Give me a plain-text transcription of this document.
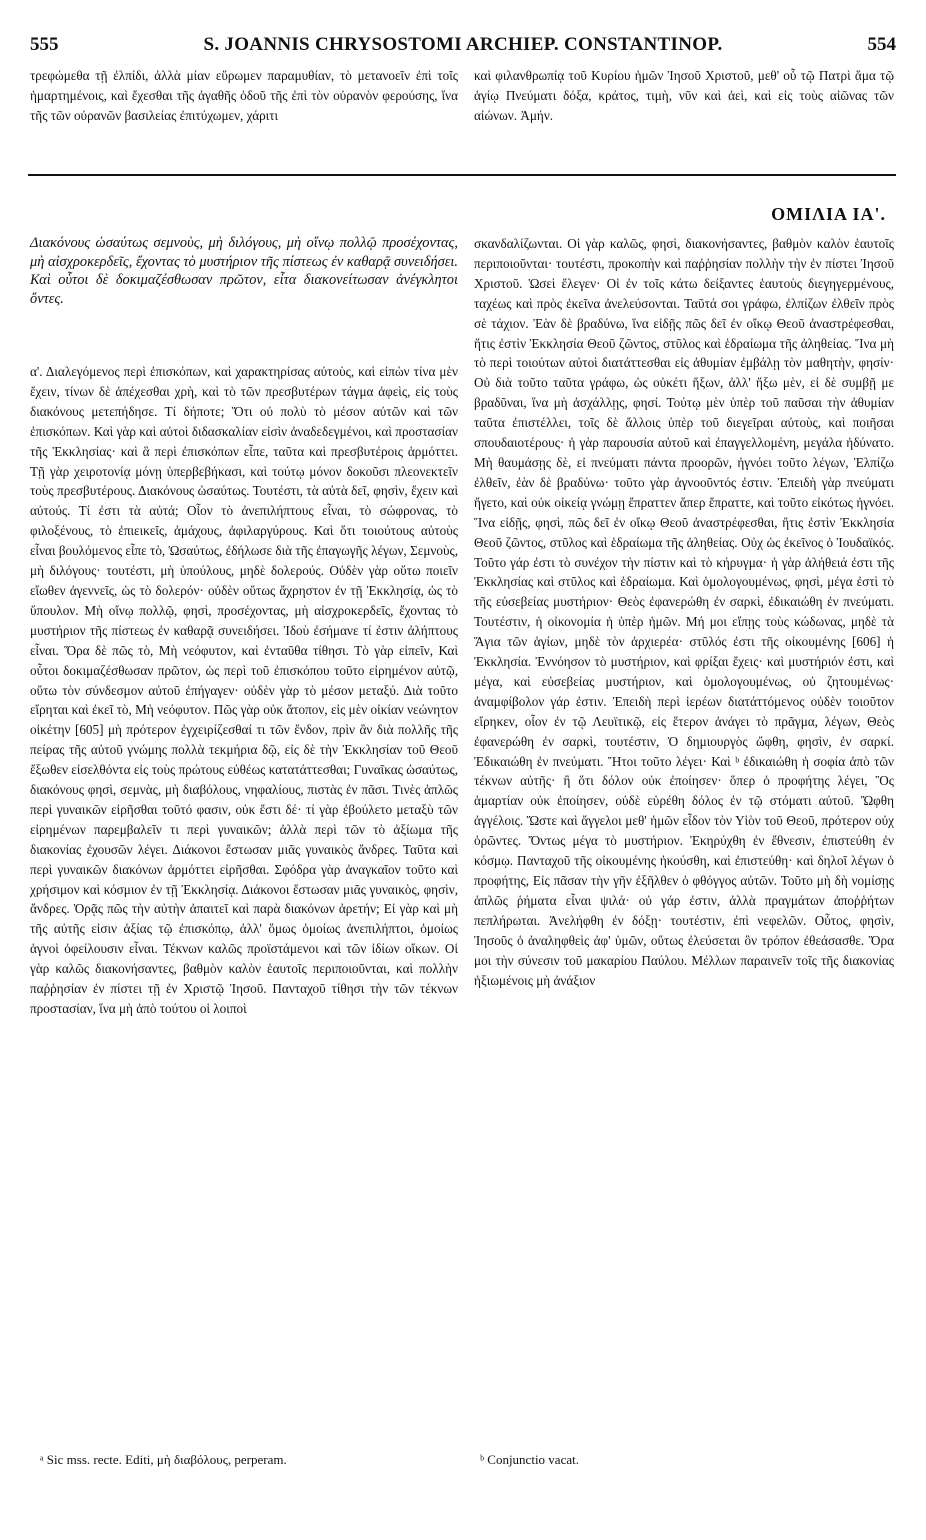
555	S. JOANNIS CHRYSOSTOMI ARCHIEP. CONSTANTINOP.	554

τρεφώμεθα τῇ ἐλπίδι, ἀλλὰ μίαν εὕρωμεν παραμυθίαν, τὸ μετανοεῖν ἐπὶ τοῖς ἡμαρτημένοις, καὶ ἔχεσθαι τῆς ἀγαθῆς ὁδοῦ τῆς ἐπὶ τὸν οὐρανὸν φερούσης, ἵνα τῆς τῶν οὐρανῶν βασιλείας ἐπιτύχωμεν, χάριτι

καὶ φιλανθρωπίᾳ τοῦ Κυρίου ἡμῶν Ἰησοῦ Χριστοῦ, μεθ' οὗ τῷ Πατρὶ ἅμα τῷ ἁγίῳ Πνεύματι δόξα, κράτος, τιμὴ, νῦν καὶ ἀεὶ, καὶ εἰς τοὺς αἰῶνας τῶν αἰώνων. Ἀμήν.

ΟΜΙΛΙΑ ΙΑ'.
Διακόνους ὡσαύτως σεμνοὺς, μὴ διλόγους, μὴ οἴνῳ πολλῷ προσέχοντας, μὴ αἰσχροκερδεῖς, ἔχοντας τὸ μυστήριον τῆς πίστεως ἐν καθαρᾷ συνειδήσει. Καὶ οὗτοι δὲ δοκιμαζέσθωσαν πρῶτον, εἶτα διακονείτωσαν ἀνέγκλητοι ὄντες.

α'. Διαλεγόμενος περὶ ἐπισκόπων, καὶ χαρακτηρίσας αὐτοὺς, καὶ εἰπὼν τίνα μὲν ἔχειν, τίνων δὲ ἀπέχεσθαι χρὴ, καὶ τὸ τῶν πρεσβυτέρων τάγμα ἀφεὶς, εἰς τοὺς διακόνους μετεπήδησε. Τί δήποτε; Ὅτι οὐ πολὺ τὸ μέσον αὐτῶν καὶ τῶν ἐπισκόπων. Καὶ γὰρ καὶ αὐτοὶ διδασκαλίαν εἰσὶν ἀναδεδεγμένοι, καὶ προστασίαν τῆς Ἐκκλησίας· καὶ ἃ περὶ ἐπισκόπων εἶπε, ταῦτα καὶ πρεσβυτέροις ἁρμόττει. Τῇ γὰρ χειροτονίᾳ μόνῃ ὑπερβεβήκασι, καὶ τούτῳ μόνον δοκοῦσι πλεονεκτεῖν τοὺς πρεσβυτέρους. Διακόνους ὡσαύτως. Τουτέστι, τὰ αὐτὰ δεῖ, φησὶν, ἔχειν καὶ αὐτούς. Τί ἐστι τὰ αὐτά; Οἷον τὸ ἀνεπιλήπτους εἶναι, τὸ σώφρονας, τὸ φιλοξένους, τὸ ἐπιεικεῖς, ἀμάχους, ἀφιλαργύρους. Καὶ ὅτι τοιούτους αὐτοὺς εἶναι βουλόμενος εἶπε τὸ, Ὡσαύτως, ἐδήλωσε διὰ τῆς ἐπαγωγῆς λέγων, Σεμνοὺς, μὴ διλόγους· τουτέστι, μὴ ὑπούλους, μηδὲ δολερούς. Οὐδὲν γὰρ οὕτω ποιεῖν εἴωθεν ἀγεννεῖς, ὡς τὸ δολερόν· οὐδὲν οὕτως ἄχρηστον ἐν τῇ Ἐκκλησίᾳ, ὡς τὸ ὕπουλον. Μὴ οἴνῳ πολλῷ, φησὶ, προσέχοντας, μὴ αἰσχροκερδεῖς, ἔχοντας τὸ μυστήριον τῆς πίστεως ἐν καθαρᾷ συνειδήσει. Ἰδοὺ ἐσήμανε τί ἐστιν ἀλήπτους εἶναι. Ὅρα δὲ πῶς τὸ, Μὴ νεόφυτον, καὶ ἐνταῦθα τίθησι. Τὸ γὰρ εἰπεῖν, Καὶ οὗτοι δοκιμαζέσθωσαν πρῶτον, ὡς περὶ τοῦ ἐπισκόπου τοῦτο εἰρημένον αὐτῷ, οὕτω τὸν σύνδεσμον αὐτοῦ ἐπήγαγεν· οὐδὲν γὰρ τὸ μέσον μεταξύ. Διὰ τοῦτο εἴρηται καὶ ἐκεῖ τὸ, Μὴ νεόφυτον. Πῶς γὰρ οὐκ ἄτοπον, εἰς μὲν οἰκίαν νεώνητον οἰκέτην [605] μὴ πρότερον ἐγχειρίζεσθαί τι τῶν ἔνδον, πρὶν ἂν διὰ πολλῆς τῆς πείρας τῆς αὐτοῦ γνώμης πολλὰ τεκμήρια δῷ, εἰς δὲ τὴν Ἐκκλησίαν τοῦ Θεοῦ ἔξωθεν εἰσελθόντα εἰς τοὺς πρώτους εὐθέως κατατάττεσθαι; Γυναῖκας ὡσαύτως, διακόνους φησὶ, σεμνὰς, μὴ διαβόλους, νηφαλίους, πιστὰς ἐν πᾶσι. Τινὲς ἁπλῶς περὶ γυναικῶν εἰρῆσθαι τοῦτό φασιν, οὐκ ἔστι δέ· τί γὰρ ἐβούλετο μεταξὺ τῶν εἰρημένων παρεμβαλεῖν τι περὶ γυναικῶν; ἀλλὰ περὶ τῶν τὸ ἀξίωμα τῆς διακονίας ἐχουσῶν λέγει. Διάκονοι ἔστωσαν μιᾶς γυναικὸς ἄνδρες. Ταῦτα καὶ περὶ γυναικῶν διακόνων ἁρμόττει εἰρῆσθαι. Σφόδρα γὰρ ἀναγκαῖον τοῦτο καὶ χρήσιμον καὶ κόσμιον ἐν τῇ Ἐκκλησίᾳ. Διάκονοι ἔστωσαν μιᾶς γυναικὸς, φησὶν, ἄνδρες. Ὁρᾷς πῶς τὴν αὐτὴν ἀπαιτεῖ καὶ παρὰ διακόνων ἀρετήν; Εἰ γὰρ καὶ μὴ τῆς αὐτῆς εἰσιν ἀξίας τῷ ἐπισκόπῳ, ἀλλ' ὅμως ὁμοίως ἀνεπιλήπτοι, ὁμοίως ἁγνοὶ ὀφείλουσιν εἶναι. Τέκνων καλῶς προϊστάμενοι καὶ τῶν ἰδίων οἴκων. Οἱ γὰρ καλῶς διακονήσαντες, βαθμὸν καλὸν ἑαυτοῖς περιποιοῦνται, καὶ πολλὴν παῤῥησίαν ἐν πίστει τῇ ἐν Χριστῷ Ἰησοῦ. Πανταχοῦ τίθησι τὴν τῶν τέκνων προστασίαν, ἵνα μὴ ἀπὸ τούτου οἱ λοιποὶ

σκανδαλίζωνται. Οἱ γὰρ καλῶς, φησὶ, διακονήσαντες, βαθμὸν καλὸν ἑαυτοῖς περιποιοῦνται· τουτέστι, προκοπὴν καὶ παῤῥησίαν πολλὴν τὴν ἐν πίστει Ἰησοῦ Χριστοῦ. Ὡσεὶ ἔλεγεν· Οἱ ἐν τοῖς κάτω δείξαντες ἑαυτοὺς διεγηγερμένους, ταχέως καὶ πρὸς ἐκεῖνα ἀνελεύσονται. Ταῦτά σοι γράφω, ἐλπίζων ἐλθεῖν πρὸς σὲ τάχιον. Ἐὰν δὲ βραδύνω, ἵνα εἰδῇς πῶς δεῖ ἐν οἴκῳ Θεοῦ ἀναστρέφεσθαι, ἥτις ἐστὶν Ἐκκλησία Θεοῦ ζῶντος, στῦλος καὶ ἑδραίωμα τῆς ἀληθείας. Ἵνα μὴ τὸ περὶ τοιούτων αὐτοὶ διατάττεσθαι εἰς ἀθυμίαν ἐμβάλῃ τὸν μαθητὴν, φησίν· Οὐ διὰ τοῦτο ταῦτα γράφω, ὡς οὐκέτι ἥξων, ἀλλ' ἥξω μὲν, εἰ δὲ συμβῇ με βραδῦναι, ἵνα μὴ ἀσχάλλῃς, φησί. Τούτῳ μὲν ὑπὲρ τοῦ παῦσαι τὴν ἀθυμίαν ταῦτα ἐπιστέλλει, τοῖς δὲ ἄλλοις ὑπὲρ τοῦ διεγεῖραι αὐτοὺς, καὶ ποιῆσαι σπουδαιοτέρους· ἡ γὰρ παρουσία αὐτοῦ καὶ ἐπαγγελλομένη, μεγάλα ἠδύνατο. Μὴ θαυμάσῃς δὲ, εἰ πνεύματι πάντα προορῶν, ἠγνόει τοῦτο λέγων, Ἐλπίζω ἐλθεῖν, ἐὰν δὲ βραδύνω· τοῦτο γὰρ ἀγνοοῦντός ἐστιν. Ἐπειδὴ γὰρ πνεύματι ἤγετο, καὶ οὐκ οἰκείᾳ γνώμῃ ἔπραττεν ἅπερ ἔπραττε, καὶ τοῦτο εἰκότως ἠγνόει. Ἵνα εἰδῇς, φησὶ, πῶς δεῖ ἐν οἴκῳ Θεοῦ ἀναστρέφεσθαι, ἥτις ἐστὶν Ἐκκλησία Θεοῦ ζῶντος, στῦλος καὶ ἑδραίωμα τῆς ἀληθείας. Οὐχ ὡς ἐκεῖνος ὁ Ἰουδαϊκός. Τοῦτο γάρ ἐστι τὸ συνέχον τὴν πίστιν καὶ τὸ κήρυγμα· ἡ γὰρ ἀλήθειά ἐστι τῆς Ἐκκλησίας καὶ στῦλος καὶ ἑδραίωμα. Καὶ ὁμολογουμένως, φησὶ, μέγα ἐστὶ τὸ τῆς εὐσεβείας μυστήριον· Θεὸς ἐφανερώθη ἐν σαρκὶ, ἐδικαιώθη ἐν πνεύματι. Τουτέστιν, ἡ οἰκονομία ἡ ὑπὲρ ἡμῶν. Μή μοι εἴπῃς τοὺς κώδωνας, μηδὲ τὰ Ἅγια τῶν ἁγίων, μηδὲ τὸν ἀρχιερέα· στῦλός ἐστι τῆς οἰκουμένης [606] ἡ Ἐκκλησία. Ἐννόησον τὸ μυστήριον, καὶ φρίξαι ἔχεις· καὶ μυστήριόν ἐστι, καὶ μέγα, καὶ εὐσεβείας μυστήριον, καὶ ὁμολογουμένως, οὐ ζητουμένως· ἀναμφίβολον γάρ ἐστιν. Ἐπειδὴ περὶ ἱερέων διατάττόμενος οὐδὲν τοιοῦτον εἴρηκεν, οἷον ἐν τῷ Λευϊτικῷ, εἰς ἕτερον ἀνάγει τὸ πρᾶγμα, λέγων, Θεὸς ἐφανερώθη ἐν σαρκὶ, τουτέστιν, Ὁ δημιουργὸς ὤφθη, φησὶν, ἐν σαρκί. Ἐδικαιώθη ἐν πνεύματι. Ἤτοι τοῦτο λέγει· Καὶ ᵇ ἐδικαιώθη ἡ σοφία ἀπὸ τῶν τέκνων αὐτῆς· ἢ ὅτι δόλον οὐκ ἐποίησεν· ὅπερ ὁ προφήτης λέγει, Ὃς ἁμαρτίαν οὐκ ἐποίησεν, οὐδὲ εὑρέθη δόλος ἐν τῷ στόματι αὐτοῦ. Ὤφθη ἀγγέλοις. Ὥστε καὶ ἄγγελοι μεθ' ἡμῶν εἶδον τὸν Υἱὸν τοῦ Θεοῦ, πρότερον οὐχ ὁρῶντες. Ὄντως μέγα τὸ μυστήριον. Ἐκηρύχθη ἐν ἔθνεσιν, ἐπιστεύθη ἐν κόσμῳ. Πανταχοῦ τῆς οἰκουμένης ἠκούσθη, καὶ ἐπιστεύθη· καὶ δηλοῖ λέγων ὁ προφήτης, Εἰς πᾶσαν τὴν γῆν ἐξῆλθεν ὁ φθόγγος αὐτῶν. Τοῦτο μὴ δὴ νομίσῃς ἁπλῶς ῥήματα εἶναι ψιλά· οὐ γάρ ἐστιν, ἀλλὰ πραγμάτων ἀποῤῥήτων πεπλήρωται. Ἀνελήφθη ἐν δόξῃ· τουτέστιν, ἐπὶ νεφελῶν. Οὗτος, φησὶν, Ἰησοῦς ὁ ἀναληφθεὶς ἀφ' ὑμῶν, οὕτως ἐλεύσεται ὃν τρόπον ἐθεάσασθε. Ὅρα μοι τὴν σύνεσιν τοῦ μακαρίου Παύλου. Μέλλων παραινεῖν τοῖς τῆς διακονίας ἠξιωμένοις μὴ ἀνάξιον

ᵃ Sic mss. recte. Editi, μὴ διαβόλους, perperam.	ᵇ Conjunctio vacat.
